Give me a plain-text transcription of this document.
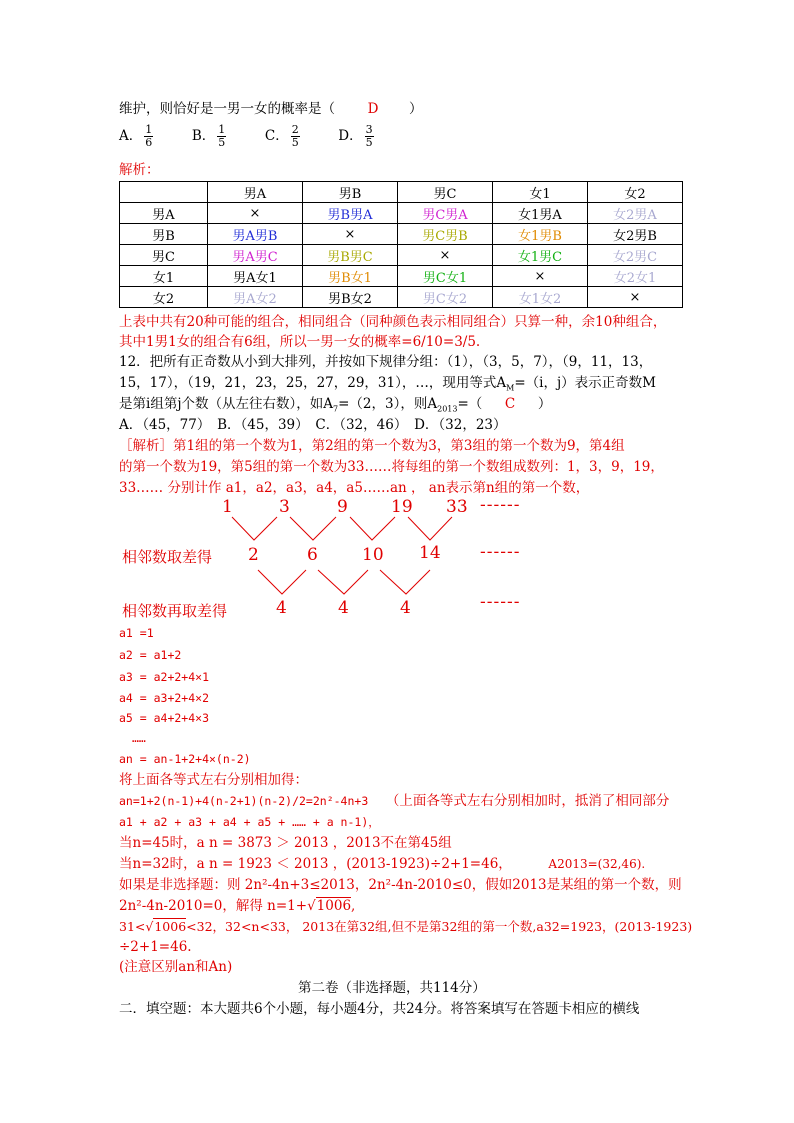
维护，则恰好是一男一女的概率是（ D ）
A． $\frac{1}{6}$	B． $\frac{1}{5}$	C． $\frac{2}{5}$	D． $\frac{3}{5}$
解析：
	男A	男B	男C	女1	女2
男A	×	男B男A	男C男A	女1男A	女2男A
男B	男A男B	×	男C男B	女1男B	女2男B
男C	男A男C	男B男C	×	女1男C	女2男C
女1	男A女1	男B女1	男C女1	×	女2女1
女2	男A女2	男B女2	男C女2	女1女2	×
上表中共有20种可能的组合，相同组合（同种颜色表示相同组合）只算一种，余10种组合，
其中1男1女的组合有6组，所以一男一女的概率=6/10=3/5.
12．把所有正奇数从小到大排列，并按如下规律分组：（1），（3，5，7），（9，11，13，
15，17），（19，21，23，25，27，29，31），…，现用等式$A_M=(i$，j）表示正奇数M
是第i组第j个数（从左往右数），如$A_7=(2$，3），则$A_{2013}=$（ C ）
A．（45，77）　B．（45，39）　C．（32，46）　D．（32，23）
［解析］第1组的第一个数为1，第2组的第一个数为3，第3组的第一个数为9，第4组
的第一个数为19，第5组的第一个数为33……将每组的第一个数组成数列：1，3，9，19，
33…… 分别计作 a1，a2，a3，a4，a5……an ， an表示第n组的第一个数，
1	3	9	19 33 ------
相邻数取差得 2	6	10 14 ------
相邻数再取差得	4	4	4	------
a1 =1
a2 = a1+2
a3 = a2+2+4×1
a4 = a3+2+4×2
a5 = a4+2+4×3
……
an = an-1+2+4×(n-2)
将上面各等式左右分别相加得：
an=1+2(n-1)+4(n-2+1)(n-2)/2=2n²-4n+3 （上面各等式左右分别相加时，抵消了相同部分
a1 + a2 + a3 + a4 + a5 + …… + a n-1)，
当n=45时，a n = 3873 ＞ 2013 ，2013不在第45组
当n=32时，a n = 1923 ＜ 2013 ，(2013-1923)÷2+1=46，	A2013=(32,46).
如果是非选择题：则 2n²-4n+3≤2013，2n²-4n-2010≤0，假如2013是某组的第一个数，则
2n²-4n-2010=0，解得 n=1+√1006,
31<√1006<32，32<n<33， 2013在第32组,但不是第32组的第一个数,a32=1923，(2013-1923)
÷2+1=46.
(注意区别an和An)
第二卷（非选择题，共114分）
二．填空题：本大题共6个小题，每小题4分，共24分。将答案填写在答题卡相应的横线
